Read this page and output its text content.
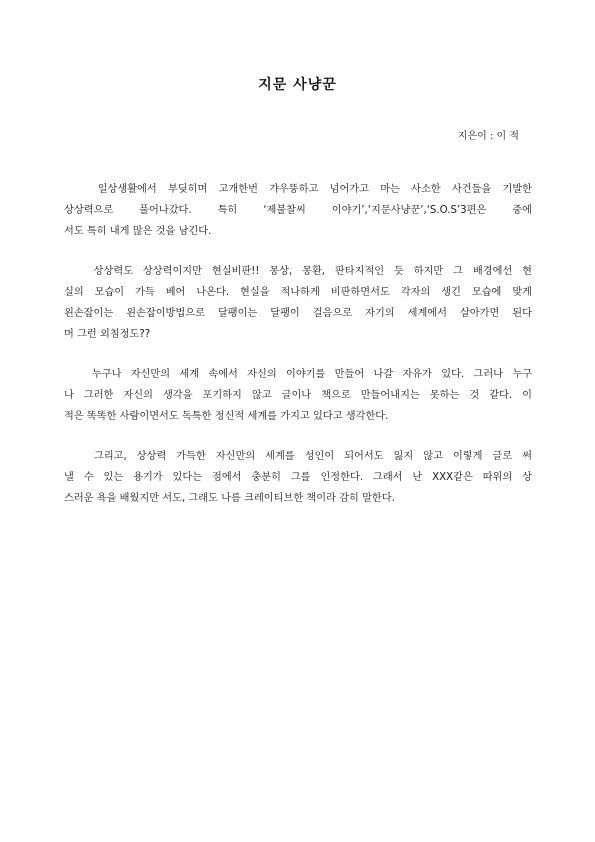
지문 사냥꾼
지은이 : 이 적
일상생활에서 부딪히며 고개한번 갸우뚱하고 넘어가고 마는 사소한 사건들을 기발한
상상력으로 풀어나갔다. 특히 ‘제불찰씨 이야기’,‘지문사냥꾼’,‘S.O.S’3편은 중에
서도 특히 내게 많은 것을 남긴다.
상상력도 상상력이지만 현실비판!! 몽상, 몽환, 판타지적인 듯 하지만 그 배경에선 현
실의 모습이 가득 베어 나온다. 현실을 적나하게 비판하면서도 각자의 생긴 모습에 맞게
왼손잡이는 왼손잡이방법으로 달팽이는 달팽이 걸음으로 자기의 세계에서 살아가면 된다
머 그런 외침정도??
누구나 자신만의 세계 속에서 자신의 이야기를 만들어 나갈 자유가 있다. 그러나 누구
나 그러한 자신의 생각을 포기하지 않고 글이나 책으로 만들어내지는 못하는 것 같다. 이
적은 똑똑한 사람이면서도 독특한 정신적 세계를 가지고 있다고 생각한다.
그리고, 상상력 가득한 자신만의 세계를 성인이 되어서도 잃지 않고 이렇게 글로 써
낼 수 있는 용기가 있다는 점에서 충분히 그를 인정한다. 그래서 난 XXX같은 따위의 상
스러운 욕을 배웠지만 서도, 그래도 나름 크레이티브한 책이라 감히 말한다.
